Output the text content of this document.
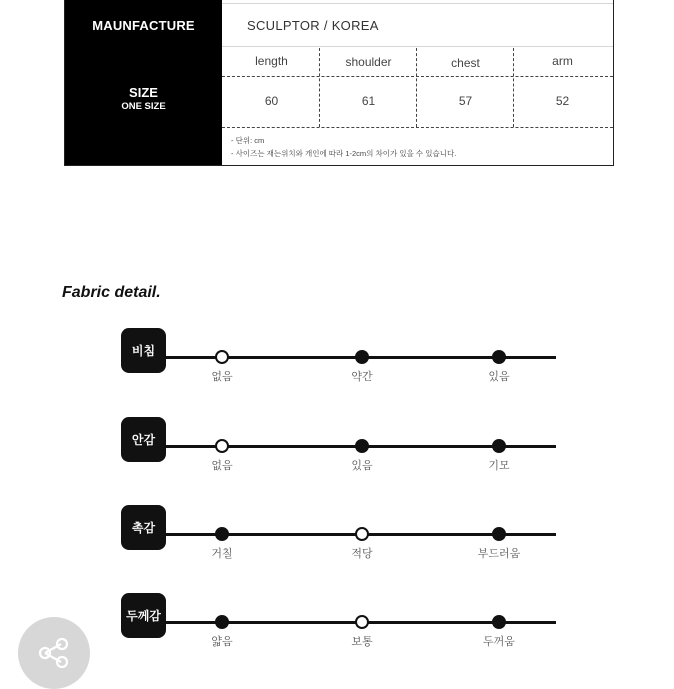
MAUNFACTURE
SIZE
ONE SIZE
SCULPTOR / KOREA
length	shoulder	chest	arm
60	61	57	52
- 단위: cm
- 사이즈는 재는위치와 개인에 따라 1-2cm의 차이가 있을 수 있습니다.
Fabric detail.
비침
없음	약간	있음
안감
없음	있음	기모
촉감
거칠	적당	부드러움
두께감
얇음	보통	두꺼움
